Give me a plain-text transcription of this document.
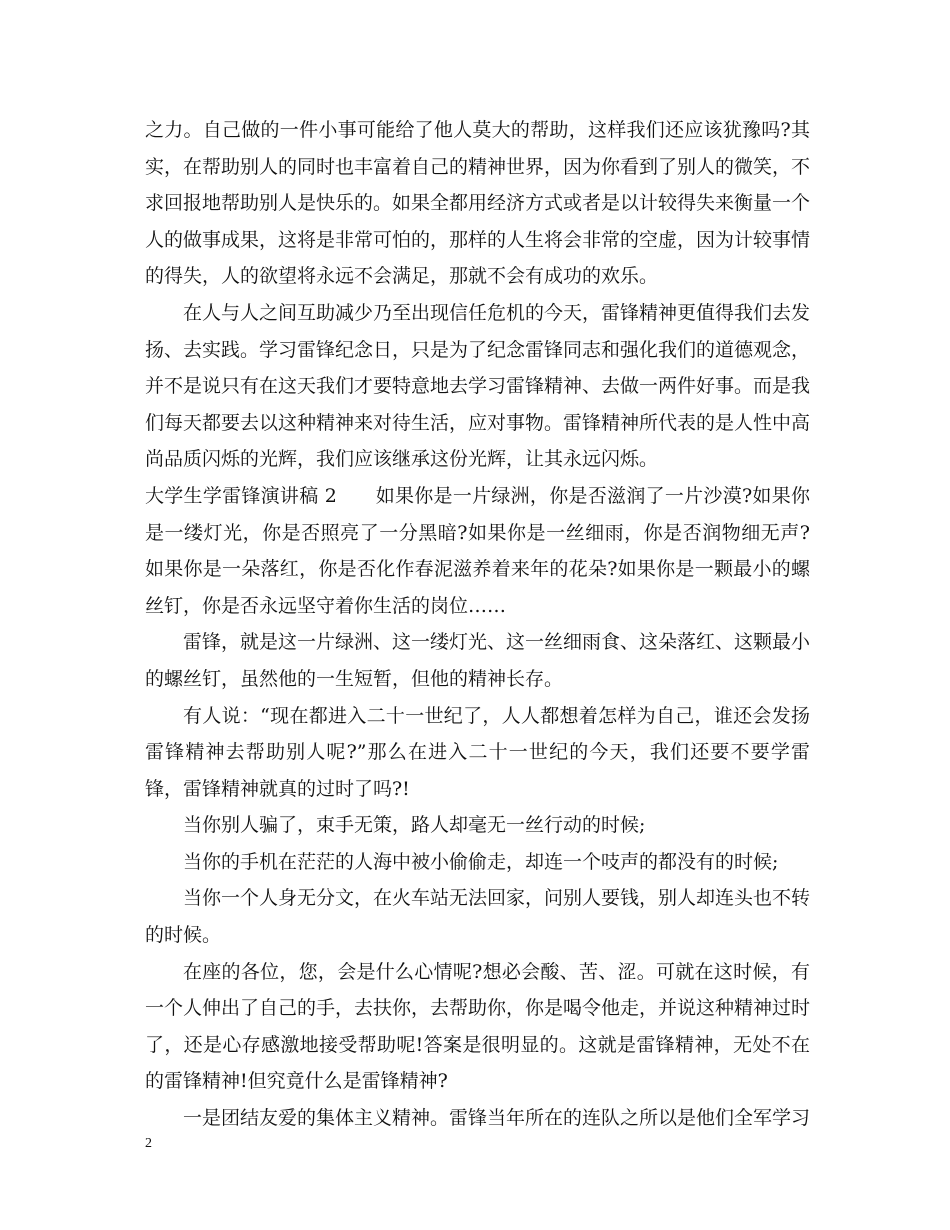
之力。自己做的一件小事可能给了他人莫大的帮助，这样我们还应该犹豫吗?其实，在帮助别人的同时也丰富着自己的精神世界，因为你看到了别人的微笑，不求回报地帮助别人是快乐的。如果全都用经济方式或者是以计较得失来衡量一个人的做事成果，这将是非常可怕的，那样的人生将会非常的空虚，因为计较事情的得失，人的欲望将永远不会满足，那就不会有成功的欢乐。

在人与人之间互助减少乃至出现信任危机的今天，雷锋精神更值得我们去发扬、去实践。学习雷锋纪念日，只是为了纪念雷锋同志和强化我们的道德观念，并不是说只有在这天我们才要特意地去学习雷锋精神、去做一两件好事。而是我们每天都要去以这种精神来对待生活，应对事物。雷锋精神所代表的是人性中高尚品质闪烁的光辉，我们应该继承这份光辉，让其永远闪烁。

大学生学雷锋演讲稿 2　　如果你是一片绿洲，你是否滋润了一片沙漠?如果你是一缕灯光，你是否照亮了一分黑暗?如果你是一丝细雨，你是否润物细无声?如果你是一朵落红，你是否化作春泥滋养着来年的花朵?如果你是一颗最小的螺丝钉，你是否永远坚守着你生活的岗位……

雷锋，就是这一片绿洲、这一缕灯光、这一丝细雨食、这朵落红、这颗最小的螺丝钉，虽然他的一生短暂，但他的精神长存。

有人说：“现在都进入二十一世纪了，人人都想着怎样为自己，谁还会发扬雷锋精神去帮助别人呢?”那么在进入二十一世纪的今天，我们还要不要学雷锋，雷锋精神就真的过时了吗?!

当你别人骗了，束手无策，路人却毫无一丝行动的时候;

当你的手机在茫茫的人海中被小偷偷走，却连一个吱声的都没有的时候;

当你一个人身无分文，在火车站无法回家，问别人要钱，别人却连头也不转的时候。

在座的各位，您，会是什么心情呢?想必会酸、苦、涩。可就在这时候，有一个人伸出了自己的手，去扶你，去帮助你，你是喝令他走，并说这种精神过时了，还是心存感激地接受帮助呢!答案是很明显的。这就是雷锋精神，无处不在的雷锋精神!但究竟什么是雷锋精神?

一是团结友爱的集体主义精神。雷锋当年所在的连队之所以是他们全军学习

2
